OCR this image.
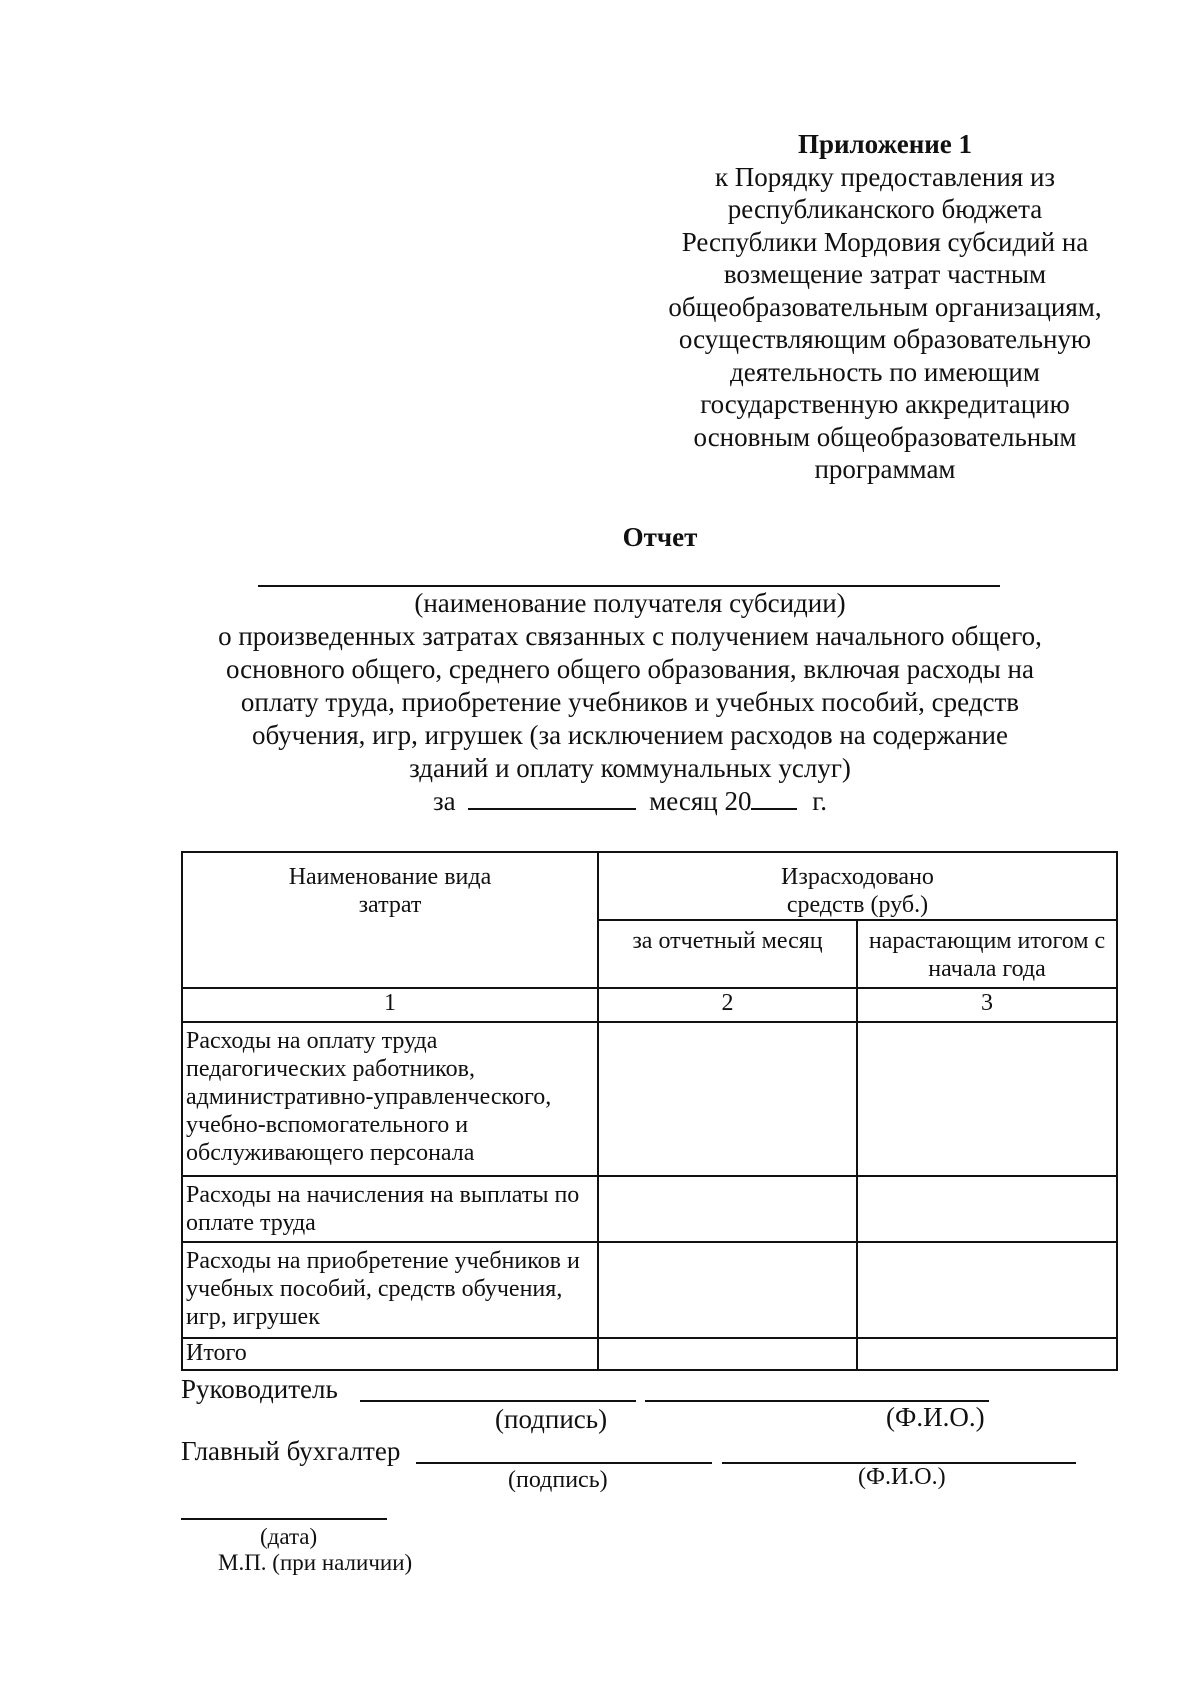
Приложение 1
к Порядку предоставления из
республиканского бюджета
Республики Мордовия субсидий на
возмещение затрат частным
общеобразовательным организациям,
осуществляющим образовательную
деятельность по имеющим
государственную аккредитацию
основным общеобразовательным
программам
Отчет
(наименование получателя субсидии)
о произведенных затратах связанных с получением начального общего,
основного общего, среднего общего образования, включая расходы на
оплату труда, приобретение учебников и учебных пособий, средств
обучения, игр, игрушек (за исключением расходов на содержание
зданий и оплату коммунальных услуг)
за	месяц 20 г.
Наименование вида затрат	Израсходовано средств (руб.)	

	за отчетный месяц	нарастающим итогом с начала года

1	2	3
Расходы на оплату труда педагогических работников, административно-управленческого, учебно-вспомогательного и обслуживающего персонала		
Расходы на начисления на выплаты по оплате труда		
Расходы на приобретение учебников и учебных пособий, средств обучения, игр, игрушек		
Итого		
Руководитель
(подпись)	(Ф.И.О.)
Главный бухгалтер
(подпись)	(Ф.И.О.)
(дата)
М.П. (при наличии)
